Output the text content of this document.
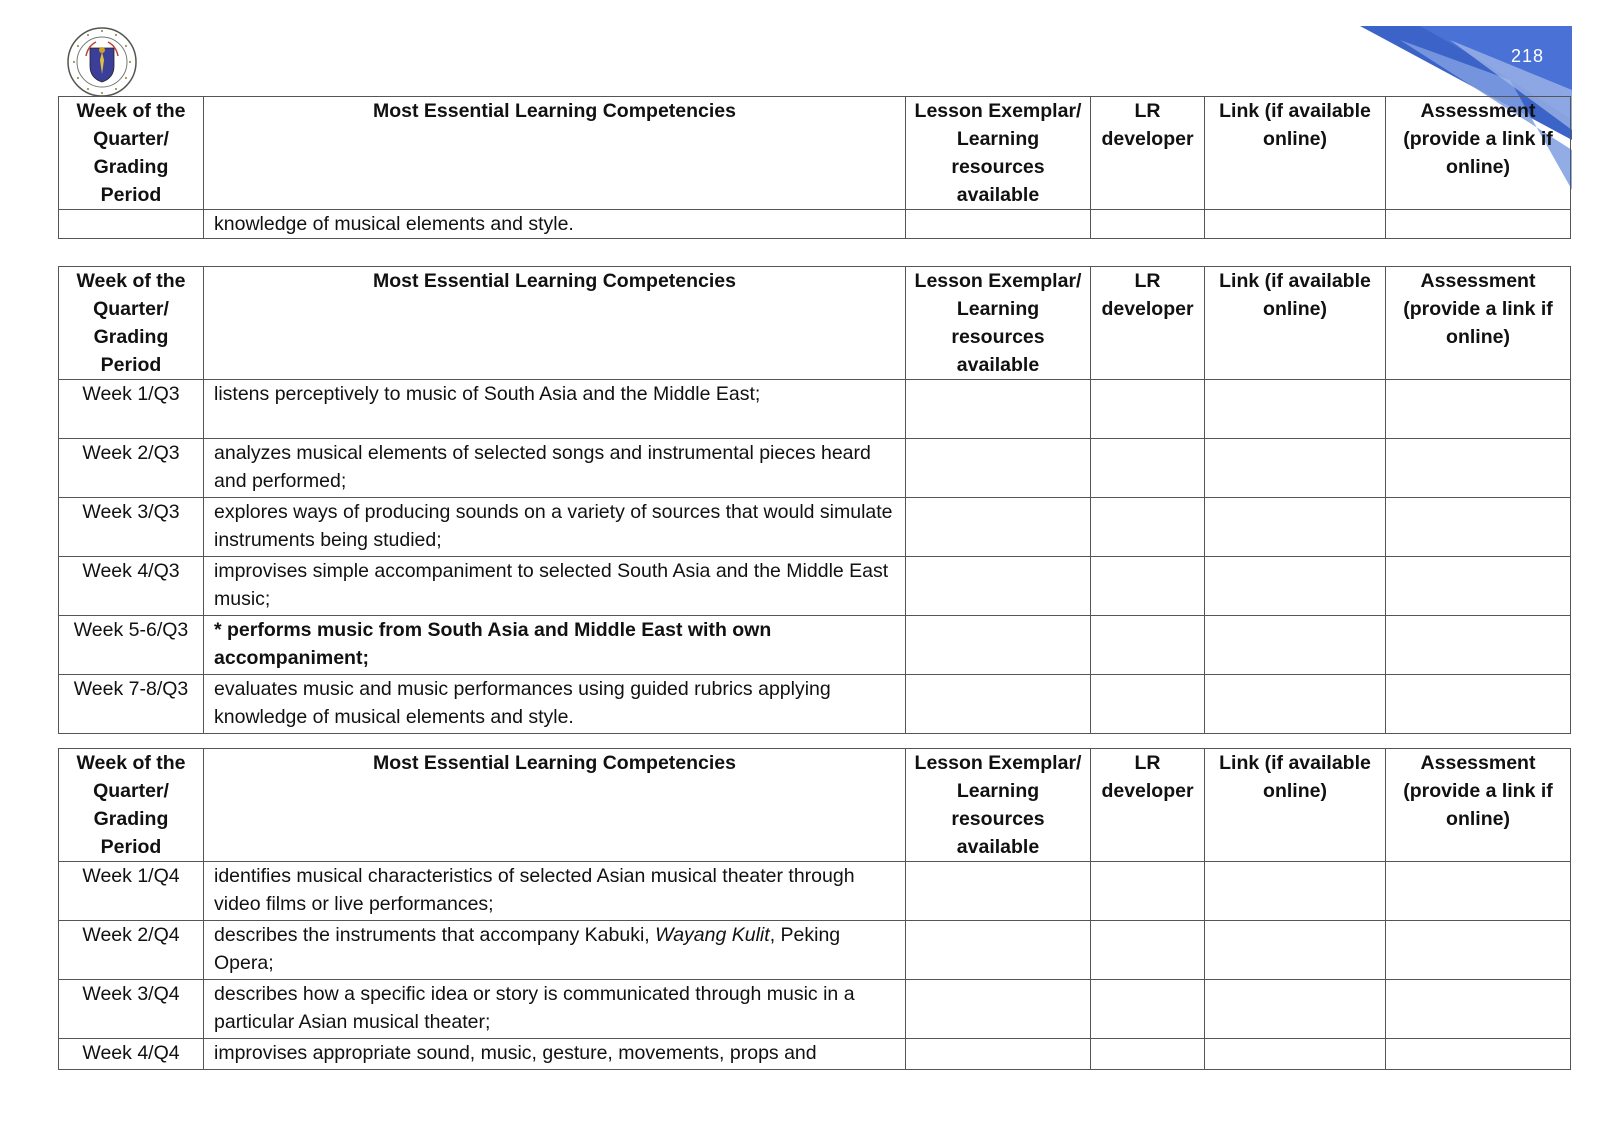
218
Week of the Quarter/ Grading Period	Most Essential Learning Competencies	Lesson Exemplar/ Learning resources available	LR developer	Link (if available online)	Assessment (provide a link if online)
	knowledge of musical elements and style.				
Week of the Quarter/ Grading Period	Most Essential Learning Competencies	Lesson Exemplar/ Learning resources available	LR developer	Link (if available online)	Assessment (provide a link if online)
Week 1/Q3	listens perceptively to music of South Asia and the Middle East;				
Week 2/Q3	analyzes musical elements of selected songs and instrumental pieces heard and performed;				
Week 3/Q3	explores ways of producing sounds on a variety of sources that would simulate instruments being studied;				
Week 4/Q3	improvises simple accompaniment to selected South Asia and the Middle East music;				
Week 5-6/Q3	* performs music from South Asia and Middle East with own accompaniment;				
Week 7-8/Q3	evaluates music and music performances using guided rubrics applying knowledge of musical elements and style.				
Week of the Quarter/ Grading Period	Most Essential Learning Competencies	Lesson Exemplar/ Learning resources available	LR developer	Link (if available online)	Assessment (provide a link if online)
Week 1/Q4	identifies musical characteristics of selected Asian musical theater through video films or live performances;				
Week 2/Q4	describes the instruments that accompany Kabuki, Wayang Kulit, Peking Opera;				
Week 3/Q4	describes how a specific idea or story is communicated through music in a particular Asian musical theater;				
Week 4/Q4	improvises appropriate sound, music, gesture, movements, props and				
